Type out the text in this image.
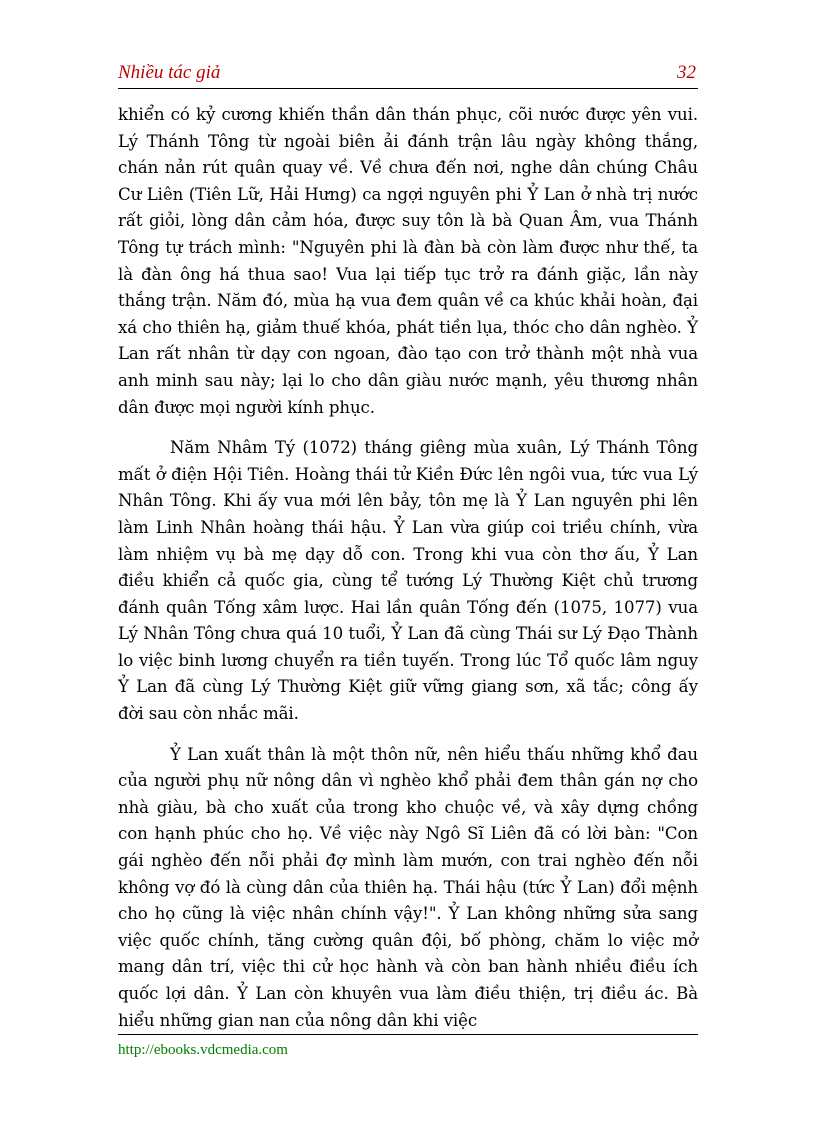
Nhiều tác giả	32

khiển có kỷ cương khiến thần dân thán phục, cõi nước được yên vui. Lý Thánh Tông từ ngoài biên ải đánh trận lâu ngày không thắng, chán nản rút quân quay về. Về chưa đến nơi, nghe dân chúng Châu Cư Liên (Tiên Lữ, Hải Hưng) ca ngợi nguyên phi Ỷ Lan ở nhà trị nước rất giỏi, lòng dân cảm hóa, được suy tôn là bà Quan Âm, vua Thánh Tông tự trách mình: "Nguyên phi là đàn bà còn làm được như thế, ta là đàn ông há thua sao! Vua lại tiếp tục trở ra đánh giặc, lần này thắng trận. Năm đó, mùa hạ vua đem quân về ca khúc khải hoàn, đại xá cho thiên hạ, giảm thuế khóa, phát tiền lụa, thóc cho dân nghèo. Ỷ Lan rất nhân từ dạy con ngoan, đào tạo con trở thành một nhà vua anh minh sau này; lại lo cho dân giàu nước mạnh, yêu thương nhân dân được mọi người kính phục.

Năm Nhâm Tý (1072) tháng giêng mùa xuân, Lý Thánh Tông mất ở điện Hội Tiên. Hoàng thái tử Kiền Đức lên ngôi vua, tức vua Lý Nhân Tông. Khi ấy vua mới lên bảy, tôn mẹ là Ỷ Lan nguyên phi lên làm Linh Nhân hoàng thái hậu. Ỷ Lan vừa giúp coi triều chính, vừa làm nhiệm vụ bà mẹ dạy dỗ con. Trong khi vua còn thơ ấu, Ỷ Lan điều khiển cả quốc gia, cùng tể tướng Lý Thường Kiệt chủ trương đánh quân Tống xâm lược. Hai lần quân Tống đến (1075, 1077) vua Lý Nhân Tông chưa quá 10 tuổi, Ỷ Lan đã cùng Thái sư Lý Đạo Thành lo việc binh lương chuyển ra tiền tuyến. Trong lúc Tổ quốc lâm nguy Ỷ Lan đã cùng Lý Thường Kiệt giữ vững giang sơn, xã tắc; công ấy đời sau còn nhắc mãi.

Ỷ Lan xuất thân là một thôn nữ, nên hiểu thấu những khổ đau của người phụ nữ nông dân vì nghèo khổ phải đem thân gán nợ cho nhà giàu, bà cho xuất của trong kho chuộc về, và xây dựng chồng con hạnh phúc cho họ. Về việc này Ngô Sĩ Liên đã có lời bàn: "Con gái nghèo đến nỗi phải đợ mình làm mướn, con trai nghèo đến nỗi không vợ đó là cùng dân của thiên hạ. Thái hậu (tức Ỷ Lan) đổi mệnh cho họ cũng là việc nhân chính vậy!". Ỷ Lan không những sửa sang việc quốc chính, tăng cường quân đội, bố phòng, chăm lo việc mở mang dân trí, việc thi cử học hành và còn ban hành nhiều điều ích quốc lợi dân. Ỷ Lan còn khuyên vua làm điều thiện, trị điều ác. Bà hiểu những gian nan của nông dân khi việc

http://ebooks.vdcmedia.com
